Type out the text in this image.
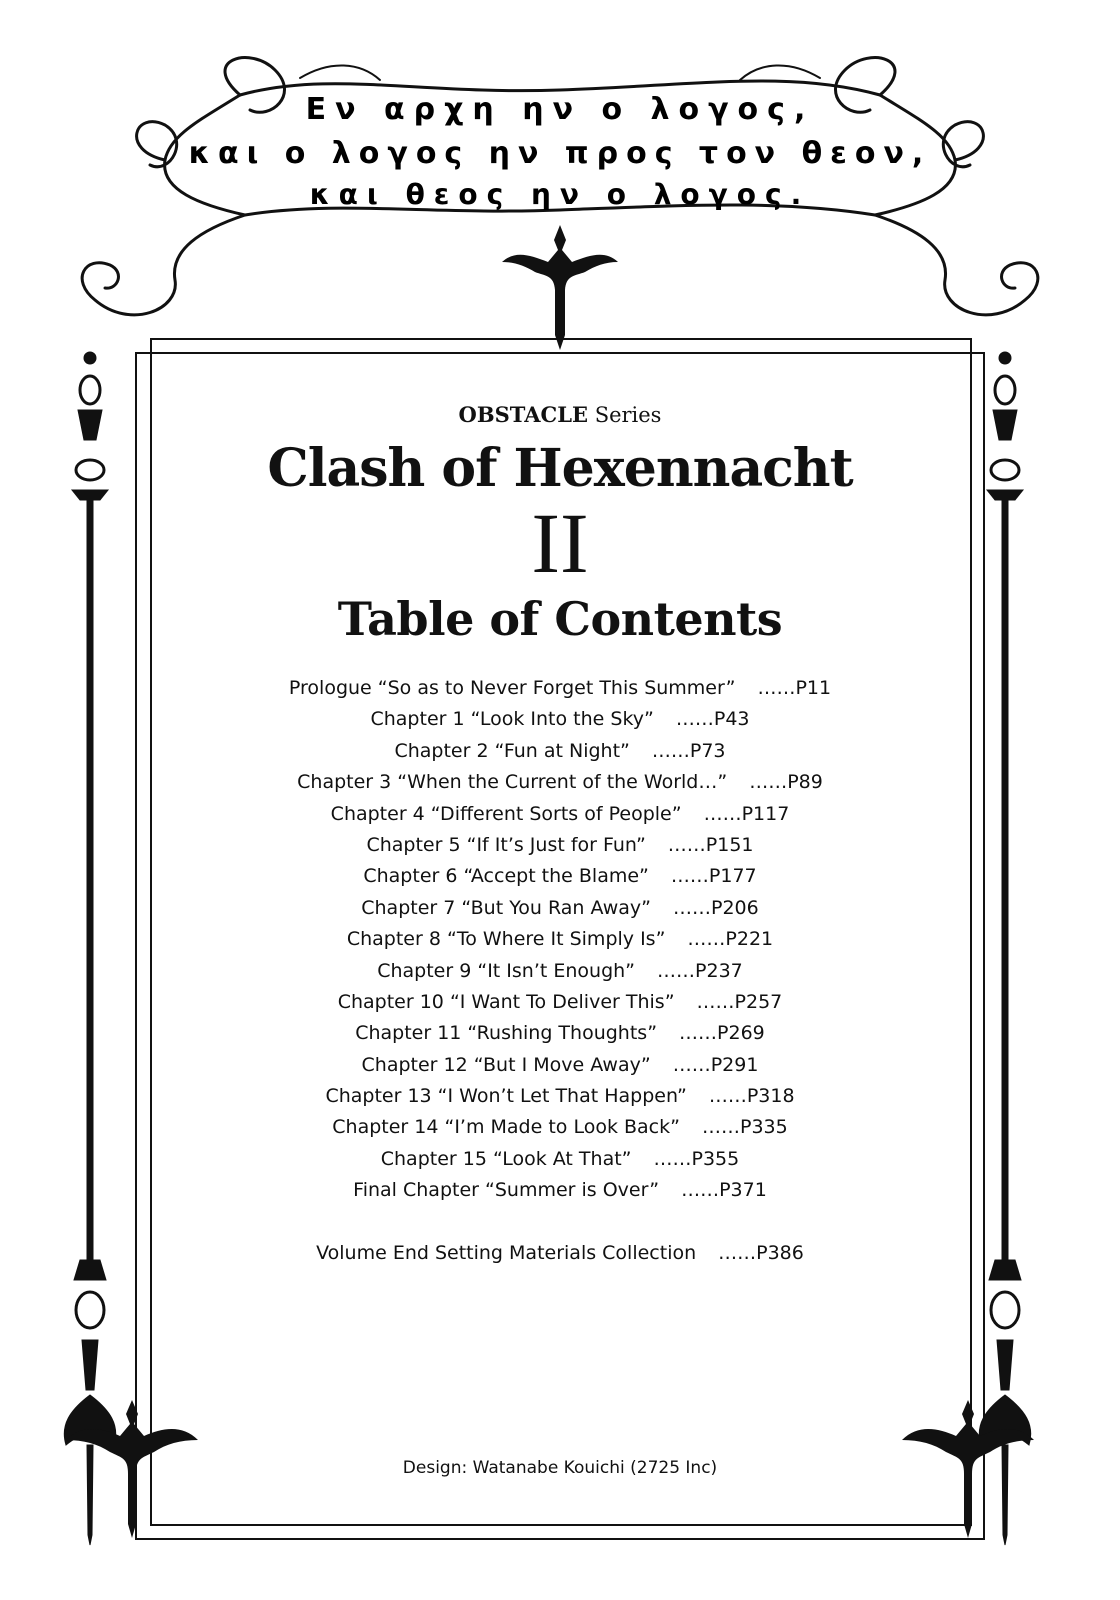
Εν αρχη ην ο λογος,
και ο λογος ην προς τον θεον,
και θεος ην ο λογος.
OBSTACLE Series
Clash of Hexennacht
II
Table of Contents
Prologue “So as to Never Forget This Summer” ……P11
Chapter 1 “Look Into the Sky” ……P43
Chapter 2 “Fun at Night” ……P73
Chapter 3 “When the Current of the World…” ……P89
Chapter 4 “Different Sorts of People” ……P117
Chapter 5 “If It’s Just for Fun” ……P151
Chapter 6 “Accept the Blame” ……P177
Chapter 7 “But You Ran Away” ……P206
Chapter 8 “To Where It Simply Is” ……P221
Chapter 9 “It Isn’t Enough” ……P237
Chapter 10 “I Want To Deliver This” ……P257
Chapter 11 “Rushing Thoughts” ……P269
Chapter 12 “But I Move Away” ……P291
Chapter 13 “I Won’t Let That Happen” ……P318
Chapter 14 “I’m Made to Look Back” ……P335
Chapter 15 “Look At That” ……P355
Final Chapter “Summer is Over” ……P371
Volume End Setting Materials Collection ……P386
Design: Watanabe Kouichi (2725 Inc)
